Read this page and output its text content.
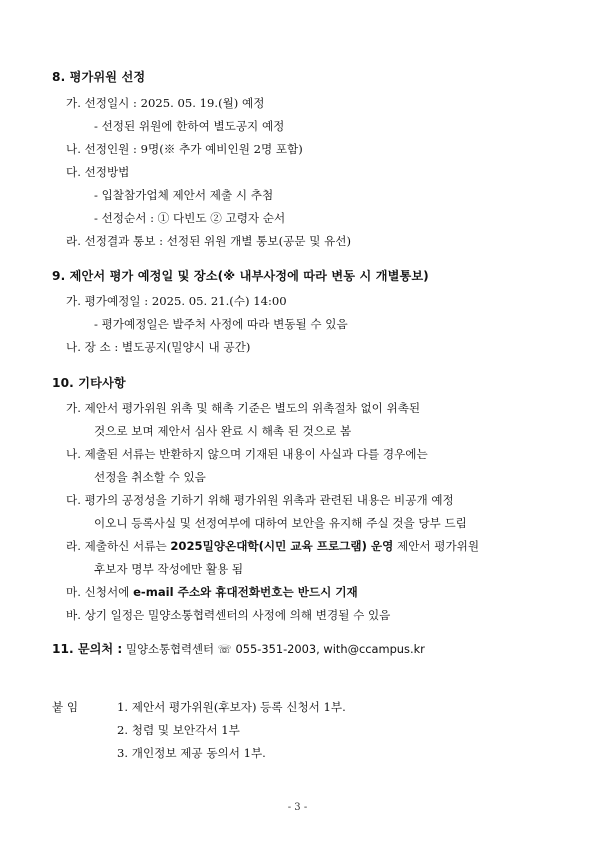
8. 평가위원 선정

가. 선정일시 : 2025. 05. 19.(월) 예정

- 선정된 위원에 한하여 별도공지 예정

나. 선정인원 : 9명(※ 추가 예비인원 2명 포함)

다. 선정방법

- 입찰참가업체 제안서 제출 시 추첨

- 선정순서 : ① 다빈도 ② 고령자 순서

라. 선정결과 통보 : 선정된 위원 개별 통보(공문 및 유선)

9. 제안서 평가 예정일 및 장소(※ 내부사정에 따라 변동 시 개별통보)

가. 평가예정일 : 2025. 05. 21.(수) 14:00

- 평가예정일은 발주처 사정에 따라 변동될 수 있음

나. 장 소 : 별도공지(밀양시 내 공간)

10. 기타사항

가. 제안서 평가위원 위촉 및 해촉 기준은 별도의 위촉절차 없이 위촉된

것으로 보며 제안서 심사 완료 시 해촉 된 것으로 봄

나. 제출된 서류는 반환하지 않으며 기재된 내용이 사실과 다를 경우에는

선정을 취소할 수 있음

다. 평가의 공정성을 기하기 위해 평가위원 위촉과 관련된 내용은 비공개 예정

이오니 등록사실 및 선정여부에 대하여 보안을 유지해 주실 것을 당부 드림

라. 제출하신 서류는 2025밀양온대학(시민 교육 프로그램) 운영 제안서 평가위원

후보자 명부 작성에만 활용 됨

마. 신청서에 e-mail 주소와 휴대전화번호는 반드시 기재

바. 상기 일정은 밀양소통협력센터의 사정에 의해 변경될 수 있음

11. 문의처 : 밀양소통협력센터 ☏ 055-351-2003, with@ccampus.kr

붙 임	1. 제안서 평가위원(후보자) 등록 신청서 1부.

2. 청렴 및 보안각서 1부

3. 개인정보 제공 동의서 1부.

- 3 -
